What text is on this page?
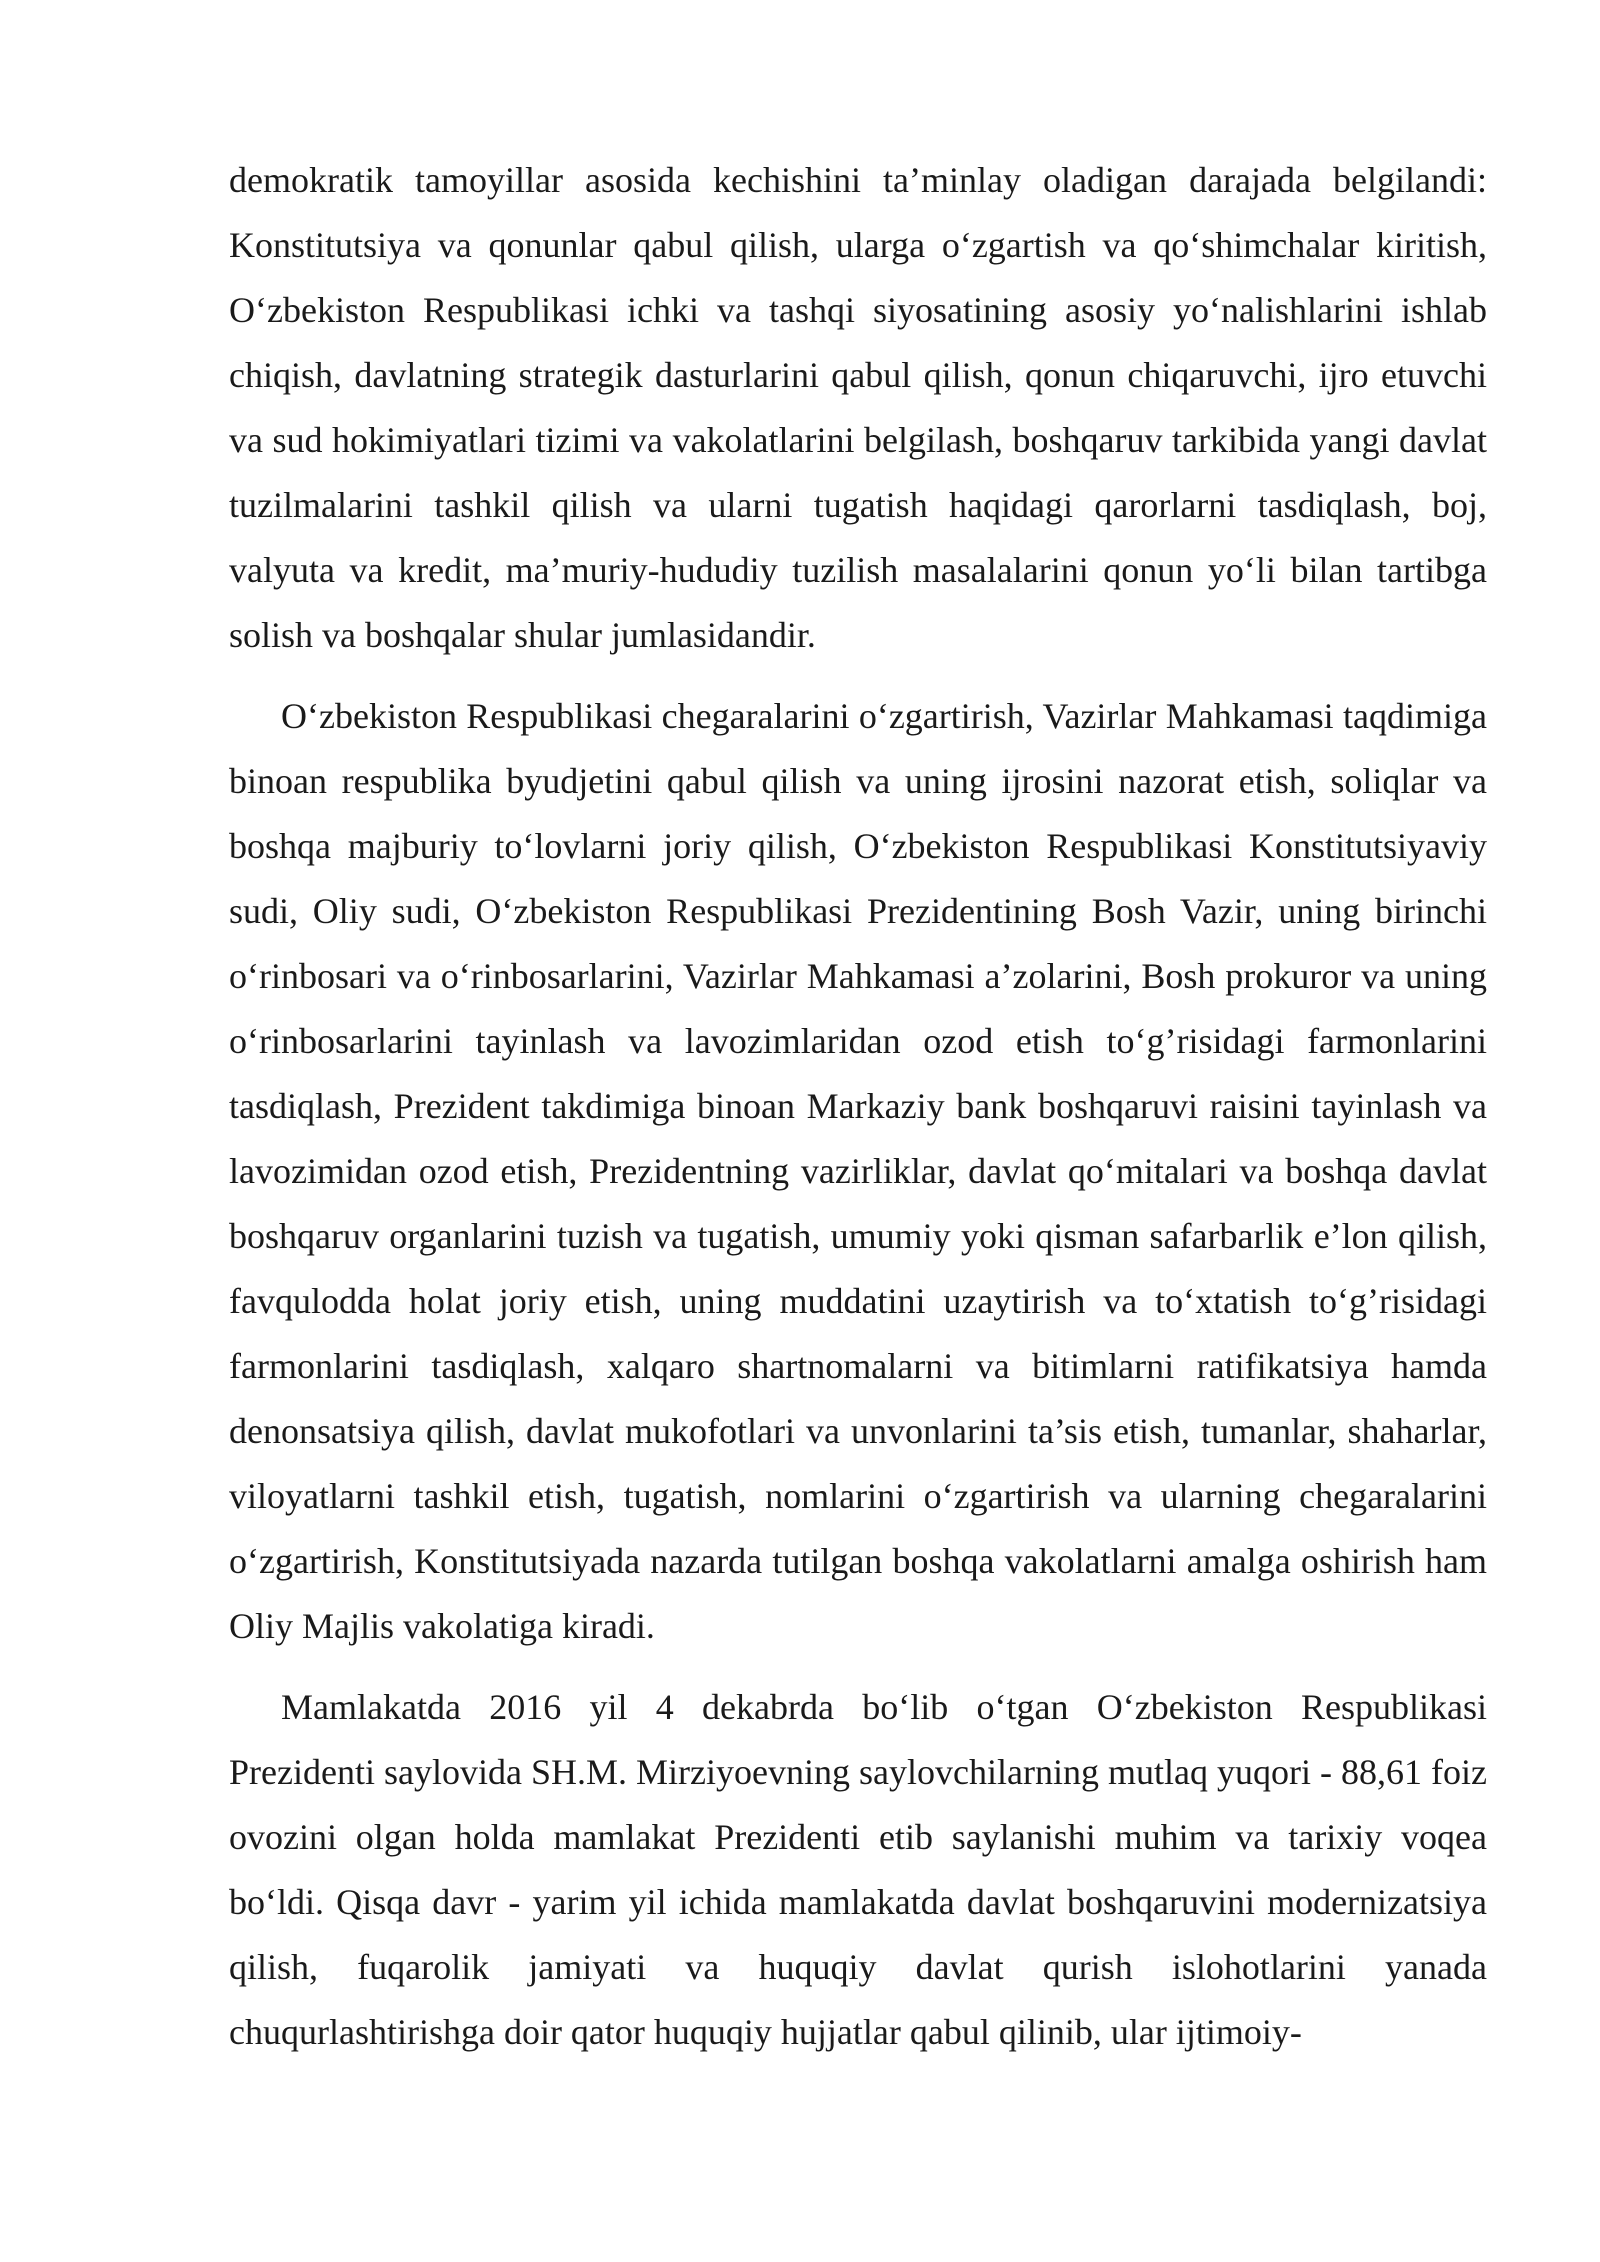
demokratik tamoyillar asosida kechishini ta’minlay oladigan darajada belgilandi: Konstitutsiya va qonunlar qabul qilish, ularga o‘zgartish va qo‘shimchalar kiritish, O‘zbekiston Respublikasi ichki va tashqi siyosatining asosiy yo‘nalishlarini ishlab chiqish, davlatning strategik dasturlarini qabul qilish, qonun chiqaruvchi, ijro etuvchi va sud hokimiyatlari tizimi va vakolatlarini belgilash, boshqaruv tarkibida yangi davlat tuzilmalarini tashkil qilish va ularni tugatish haqidagi qarorlarni tasdiqlash, boj, valyuta va kredit, ma’muriy-hududiy tuzilish masalalarini qonun yo‘li bilan tartibga solish va boshqalar shular jumlasidandir.

O‘zbekiston Respublikasi chegaralarini o‘zgartirish, Vazirlar Mahkamasi taqdimiga binoan respublika byudjetini qabul qilish va uning ijrosini nazorat etish, soliqlar va boshqa majburiy to‘lovlarni joriy qilish, O‘zbekiston Respublikasi Konstitutsiyaviy sudi, Oliy sudi, O‘zbekiston Respublikasi Prezidentining Bosh Vazir, uning birinchi o‘rinbosari va o‘rinbosarlarini, Vazirlar Mahkamasi a’zolarini, Bosh prokuror va uning o‘rinbosarlarini tayinlash va lavozimlaridan ozod etish to‘g’risidagi farmonlarini tasdiqlash, Prezident takdimiga binoan Markaziy bank boshqaruvi raisini tayinlash va lavozimidan ozod etish, Prezidentning vazirliklar, davlat qo‘mitalari va boshqa davlat boshqaruv organlarini tuzish va tugatish, umumiy yoki qisman safarbarlik e’lon qilish, favqulodda holat joriy etish, uning muddatini uzaytirish va to‘xtatish to‘g’risidagi farmonlarini tasdiqlash, xalqaro shartnomalarni va bitimlarni ratifikatsiya hamda denonsatsiya qilish, davlat mukofotlari va unvonlarini ta’sis etish, tumanlar, shaharlar, viloyatlarni tashkil etish, tugatish, nomlarini o‘zgartirish va ularning chegaralarini o‘zgartirish, Konstitutsiyada nazarda tutilgan boshqa vakolatlarni amalga oshirish ham Oliy Majlis vakolatiga kiradi.

Mamlakatda 2016 yil 4 dekabrda bo‘lib o‘tgan O‘zbekiston Respublikasi Prezidenti saylovida SH.M. Mirziyoevning saylovchilarning mutlaq yuqori - 88,61 foiz ovozini olgan holda mamlakat Prezidenti etib saylanishi muhim va tarixiy voqea bo‘ldi. Qisqa davr - yarim yil ichida mamlakatda davlat boshqaruvini modernizatsiya qilish, fuqarolik jamiyati va huquqiy davlat qurish islohotlarini yanada chuqurlashtirishga doir qator huquqiy hujjatlar qabul qilinib, ular ijtimoiy-
